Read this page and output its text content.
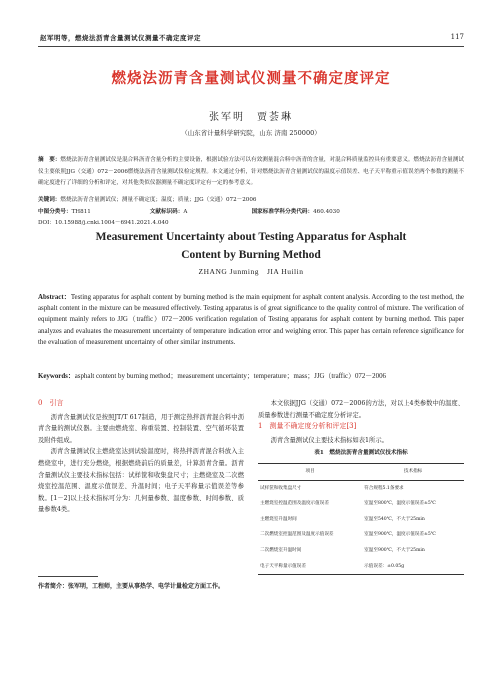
赵军明等，燃烧法沥青含量测试仪测量不确定度评定	117
燃烧法沥青含量测试仪测量不确定度评定
张军明　贾荟琳
（山东省计量科学研究院，山东 济南 250000）
摘　要：燃烧法沥青含量测试仪是混合料沥青含量分析的主要设备，根据试验方法可以有效测量混合料中沥青的含量，对混合料质量监控具有重要意义。燃烧法沥青含量测试仪主要依照JJG（交通）072－2006燃烧法沥青含量测试仪检定规程。本文通过分析，针对燃烧法沥青含量测试仪的温度示值误差、电子天平称重示值误差两个参数的测量不确定度进行了详细的分析和评定，对其他类似仪器测量不确定度评定有一定的参考意义。
关键词：燃烧法沥青含量测试仪；测量不确定度；温度；质量；JJG（交通）072－2006
中图分类号：TH811	文献标识码：A	国家标准学科分类代码：460.4030
DOI：10.15988/j.cnki.1004－6941.2021.4.040
Measurement Uncertainty about Testing Apparatus for Asphalt
Content by Burning Method
ZHANG Junming　JIA Huilin
Abstract：Testing apparatus for asphalt content by burning method is the main equipment for asphalt content analysis. According to the test method, the asphalt content in the mixture can be measured effectively. Testing apparatus is of great significance to the quality control of mixture. The verification of equipment mainly refers to JJG（traffic）072－2006 verification regulation of Testing apparatus for asphalt content by burning method. This paper analyzes and evaluates the measurement uncertainty of temperature indication error and weighing error. This paper has certain reference significance for the evaluation of measurement uncertainty of other similar instruments.
Keywords：asphalt content by burning method；measurement uncertainty；temperature；mass；JJG（traffic）072－2006
0　引言

沥青含量测试仪是按照JT/T 617制造，用于测定热拌沥青混合料中沥青含量的测试仪器。主要由燃烧室、称重装置、控制装置、空气循环装置及附件组成。

沥青含量测试仪主燃烧室达到试验温度时，将热拌沥青混合料放入主燃烧室中，进行充分燃烧，根据燃烧前后的质量差，计算沥青含量。沥青含量测试仪主要技术指标包括：试样筐和收集盘尺寸；主燃烧室及二次燃烧室控温范围、温度示值误差、升温时间；电子天平称量示值误差等参数。[1－2]以上技术指标可分为：几何量参数、温度参数、时间参数、质量参数4类。

本文依据JJG（交通）072－2006的方法，对以上4类参数中的温度、质量参数进行测量不确定度分析评定。

1　测量不确定度分析和评定[3]

沥青含量测试仪主要技术指标如表1所示。

表1　燃烧法沥青含量测试仪技术指标
项目	技术指标
试样筐和收集盘尺寸	符合规程5.1条要求
主燃烧室控温范围及温度示值误差	室温至800℃，温度示值误差±5℃
主燃烧室升温时间	室温至540℃，不大于25min
二次燃烧室控温范围及温度示值误差	室温至900℃，温度示值误差±5℃
二次燃烧室升温时间	室温至900℃，不大于25min
电子天平称量示值误差	示值误差：±0.05g
作者简介：张军明，工程师，主要从事热学、电学计量检定方面工作。
